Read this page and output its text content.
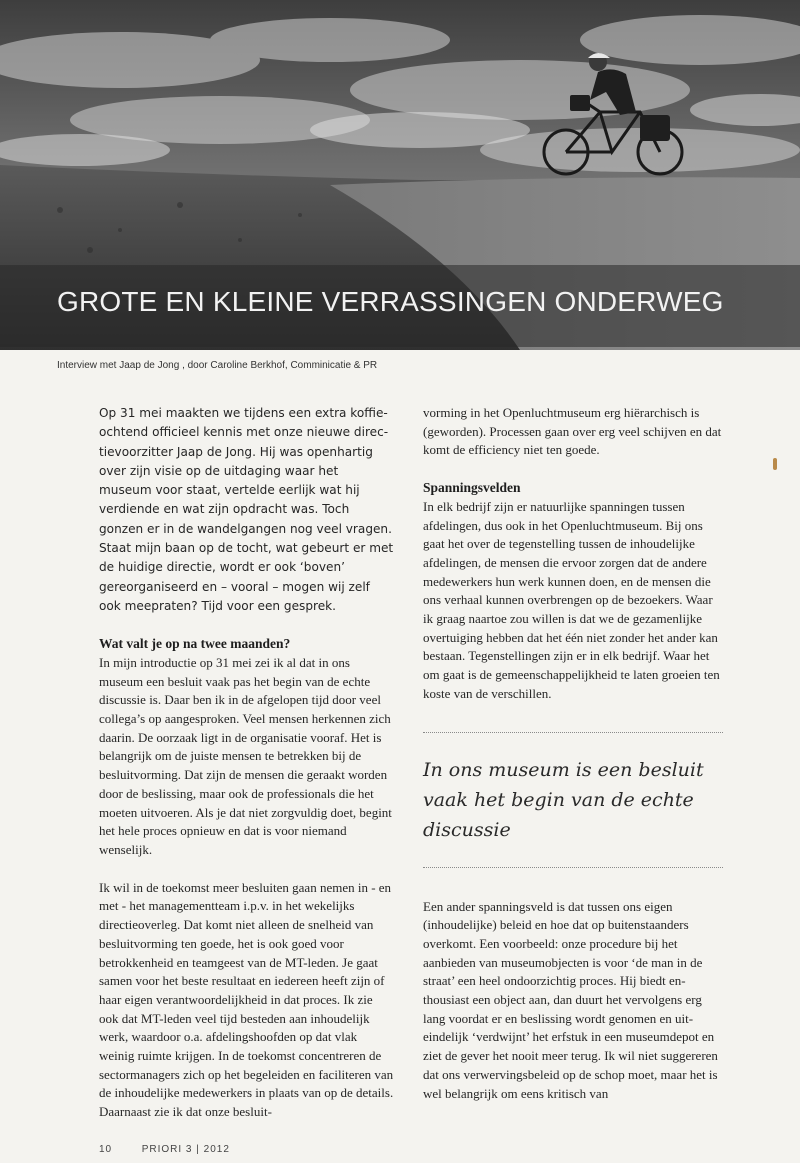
GROTE EN KLEINE VERRASSINGEN ONDERWEG
Interview met Jaap de Jong , door Caroline Berkhof, Comminicatie & PR

Op 31 mei maakten we tijdens een extra koffieochtend officieel kennis met onze nieuwe directievoorzitter Jaap de Jong. Hij was openhartig over zijn visie op de uitdaging waar het museum voor staat, vertelde eerlijk wat hij verdiende en wat zijn opdracht was. Toch gonzen er in de wandelgangen nog veel vragen. Staat mijn baan op de tocht, wat gebeurt er met de huidige directie, wordt er ook ‘boven’ gereorganiseerd en – vooral – mogen wij zelf ook meepraten? Tijd voor een gesprek.

Wat valt je op na twee maanden?

In mijn introductie op 31 mei zei ik al dat in ons museum een besluit vaak pas het begin van de echte discussie is. Daar ben ik in de afgelopen tijd door veel collega’s op aangesproken. Veel mensen herkennen zich daarin. De oorzaak ligt in de organisatie vooraf. Het is belangrijk om de juiste mensen te betrekken bij de besluitvorming. Dat zijn de mensen die geraakt worden door de beslissing, maar ook de professionals die het moeten uitvoeren. Als je dat niet zorgvuldig doet, begint het hele proces opnieuw en dat is voor niemand wenselijk.

Ik wil in de toekomst meer besluiten gaan nemen in - en met - het managementteam i.p.v. in het wekelijks directieoverleg. Dat komt niet alleen de snelheid van besluitvorming ten goede, het is ook goed voor betrokkenheid en teamgeest van de MT-leden. Je gaat samen voor het beste resultaat en iedereen heeft zijn of haar eigen verantwoordelijkheid in dat proces. Ik zie ook dat MT-leden veel tijd besteden aan inhoudelijk werk, waardoor o.a. afdelingshoofden op dat vlak weinig ruimte krijgen. In de toekomst concentreren de sectormanagers zich op het begeleiden en faciliteren van de inhoudelijke medewerkers in plaats van op de details. Daarnaast zie ik dat onze besluit-

vorming in het Openluchtmuseum erg hiërarchisch is (geworden). Processen gaan over erg veel schijven en dat komt de efficiency niet ten goede.

Spanningsvelden

In elk bedrijf zijn er natuurlijke spanningen tussen afdelingen, dus ook in het Openluchtmuseum. Bij ons gaat het over de tegenstelling tussen de inhoudelijke afdelingen, de mensen die ervoor zorgen dat de andere medewerkers hun werk kunnen doen, en de mensen die ons verhaal kunnen overbrengen op de bezoekers. Waar ik graag naartoe zou willen is dat we de gezamenlijke overtuiging hebben dat het één niet zonder het ander kan bestaan. Tegenstellingen zijn er in elk bedrijf. Waar het om gaat is de gemeenschappelijkheid te laten groeien ten koste van de verschillen.

In ons museum is een besluit vaak het begin van de echte discussie

Een ander spanningsveld is dat tussen ons eigen (inhoudelijke) beleid en hoe dat op buitenstaanders overkomt. Een voorbeeld: onze procedure bij het aanbieden van museumobjecten is voor ‘de man in de straat’ een heel ondoorzichtig proces. Hij biedt enthousiast een object aan, dan duurt het vervolgens erg lang voordat er en beslissing wordt genomen en uiteindelijk ‘verdwijnt’ het erfstuk in een museumdepot en ziet de gever het nooit meer terug. Ik wil niet suggereren dat ons verwervingsbeleid op de schop moet, maar het is wel belangrijk om eens kritisch van

10	PRIORI 3 | 2012
